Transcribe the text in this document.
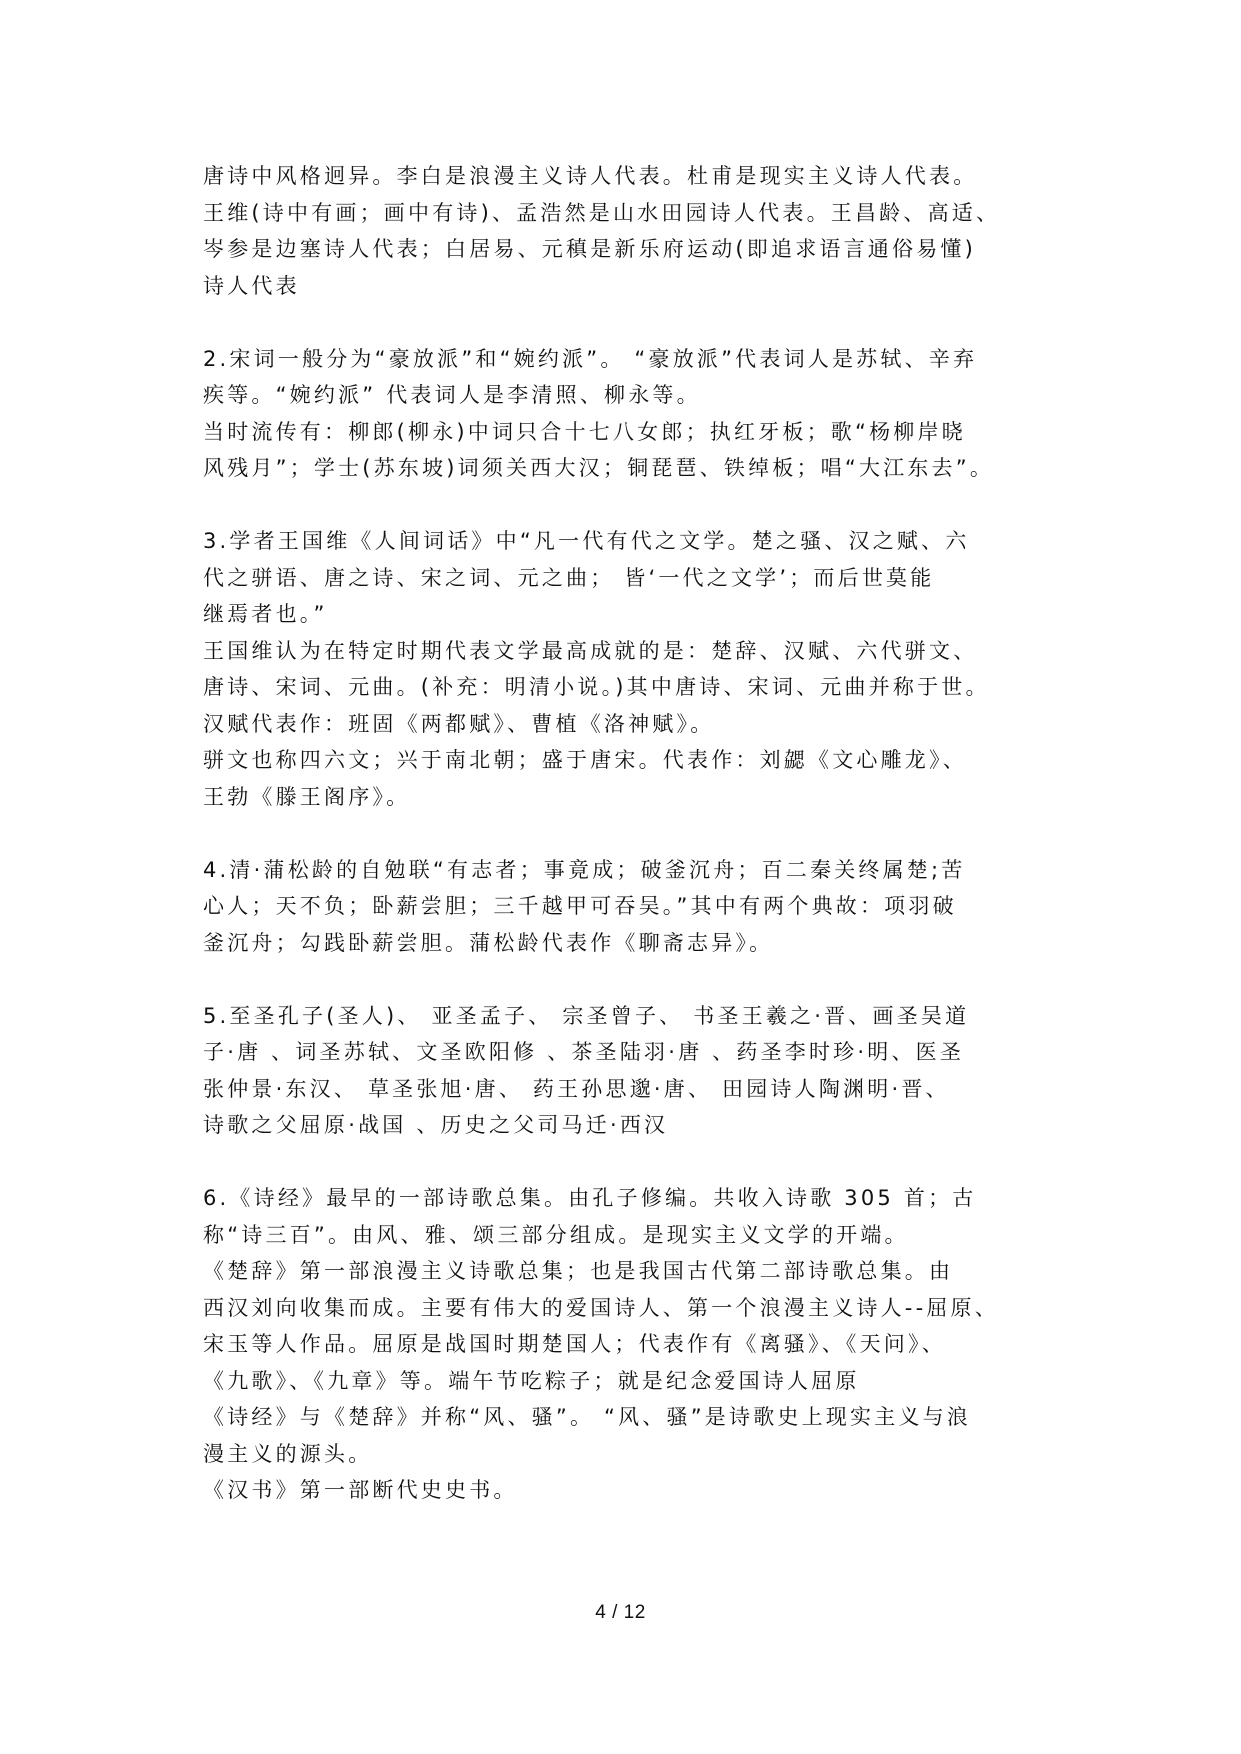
唐诗中风格迥异。李白是浪漫主义诗人代表。杜甫是现实主义诗人代表。

王维(诗中有画；画中有诗)、孟浩然是山水田园诗人代表。王昌龄、高适、

岑参是边塞诗人代表；白居易、元稹是新乐府运动(即追求语言通俗易懂)

诗人代表

2.宋词一般分为“豪放派”和“婉约派”。 “豪放派”代表词人是苏轼、辛弃

疾等。“婉约派” 代表词人是李清照、柳永等。

当时流传有：柳郎(柳永)中词只合十七八女郎；执红牙板；歌“杨柳岸晓

风残月”；学士(苏东坡)词须关西大汉；铜琵琶、铁绰板；唱“大江东去”。

3.学者王国维《人间词话》中“凡一代有代之文学。楚之骚、汉之赋、六

代之骈语、唐之诗、宋之词、元之曲； 皆‘一代之文学’；而后世莫能

继焉者也。”

王国维认为在特定时期代表文学最高成就的是：楚辞、汉赋、六代骈文、

唐诗、宋词、元曲。(补充：明清小说。)其中唐诗、宋词、元曲并称于世。

汉赋代表作：班固《两都赋》、曹植《洛神赋》。

骈文也称四六文；兴于南北朝；盛于唐宋。代表作：刘勰《文心雕龙》、

王勃《滕王阁序》。

4.清·蒲松龄的自勉联“有志者；事竟成；破釜沉舟；百二秦关终属楚;苦

心人；天不负；卧薪尝胆；三千越甲可吞吴。”其中有两个典故：项羽破

釜沉舟；勾践卧薪尝胆。蒲松龄代表作《聊斋志异》。

5.至圣孔子(圣人)、 亚圣孟子、 宗圣曾子、 书圣王羲之·晋、画圣吴道

子·唐 、词圣苏轼、文圣欧阳修 、茶圣陆羽·唐 、药圣李时珍·明、医圣

张仲景·东汉、 草圣张旭·唐、 药王孙思邈·唐、 田园诗人陶渊明·晋、

诗歌之父屈原·战国 、历史之父司马迁·西汉

6.《诗经》最早的一部诗歌总集。由孔子修编。共收入诗歌 305 首；古

称“诗三百”。由风、雅、颂三部分组成。是现实主义文学的开端。

《楚辞》第一部浪漫主义诗歌总集；也是我国古代第二部诗歌总集。由

西汉刘向收集而成。主要有伟大的爱国诗人、第一个浪漫主义诗人--屈原、

宋玉等人作品。屈原是战国时期楚国人；代表作有《离骚》、《天问》、

《九歌》、《九章》等。端午节吃粽子；就是纪念爱国诗人屈原

《诗经》与《楚辞》并称“风、骚”。 “风、骚”是诗歌史上现实主义与浪

漫主义的源头。

《汉书》第一部断代史史书。

4 / 12
